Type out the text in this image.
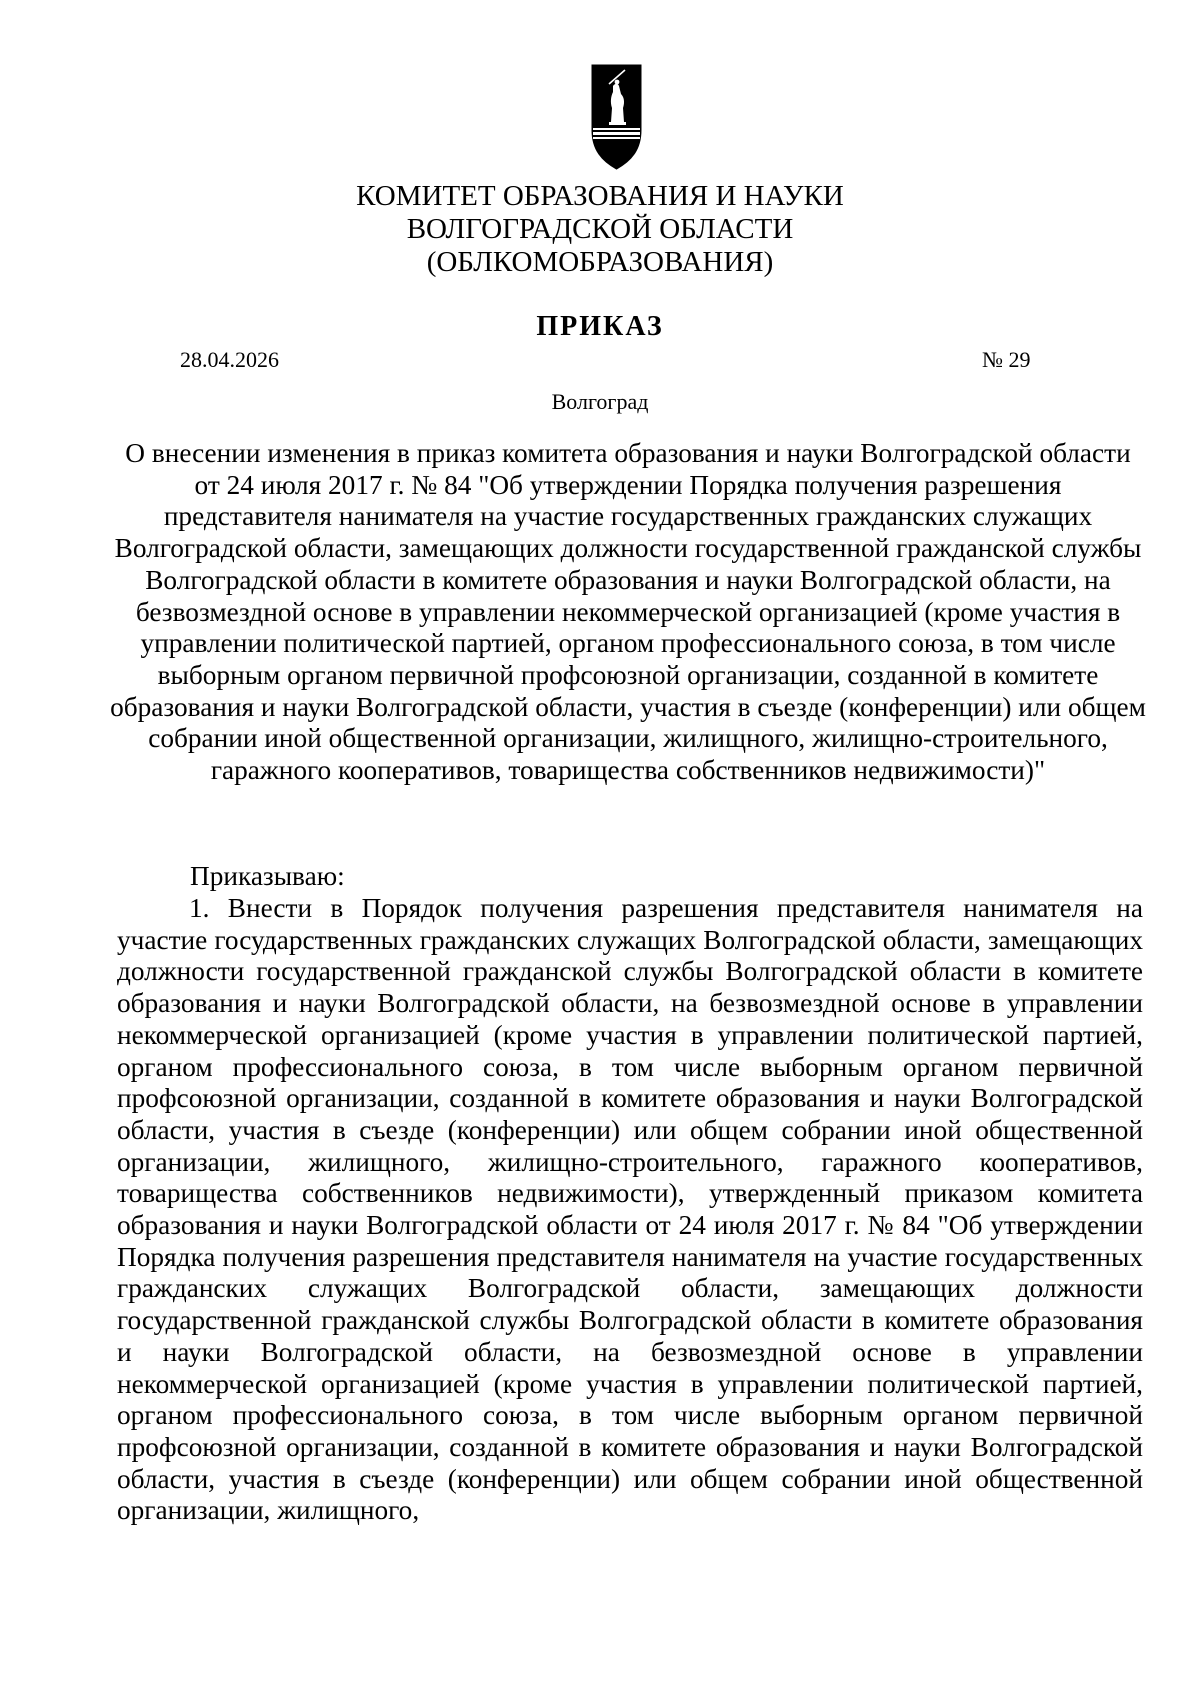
КОМИТЕТ ОБРАЗОВАНИЯ И НАУКИ
ВОЛГОГРАДСКОЙ ОБЛАСТИ
(ОБЛКОМОБРАЗОВАНИЯ)
ПРИКАЗ
28.04.2026	№ 29
Волгоград
О внесении изменения в приказ комитета образования и науки Волгоградской области от 24 июля 2017 г. № 84 "Об утверждении Порядка получения разрешения представителя нанимателя на участие государственных гражданских служащих Волгоградской области, замещающих должности государственной гражданской службы Волгоградской области в комитете образования и науки Волгоградской области, на безвозмездной основе в управлении некоммерческой организацией (кроме участия в управлении политической партией, органом профессионального союза, в том числе выборным органом первичной профсоюзной организации, созданной в комитете образования и науки Волгоградской области, участия в съезде (конференции) или общем собрании иной общественной организации, жилищного, жилищно-строительного, гаражного кооперативов, товарищества собственников недвижимости)"
Приказываю:
1. Внести в Порядок получения разрешения представителя нанимателя на участие государственных гражданских служащих Волгоградской области, замещающих должности государственной гражданской службы Волгоградской области в комитете образования и науки Волгоградской области, на безвозмездной основе в управлении некоммерческой организацией (кроме участия в управлении политической партией, органом профессионального союза, в том числе выборным органом первичной профсоюзной организации, созданной в комитете образования и науки Волгоградской области, участия в съезде (конференции) или общем собрании иной общественной организации, жилищного, жилищно-строительного, гаражного кооперативов, товарищества собственников недвижимости), утвержденный приказом комитета образования и науки Волгоградской области от 24 июля 2017 г. № 84 "Об утверждении Порядка получения разрешения представителя нанимателя на участие государственных гражданских служащих Волгоградской области, замещающих должности государственной гражданской службы Волгоградской области в комитете образования и науки Волгоградской области, на безвозмездной основе в управлении некоммерческой организацией (кроме участия в управлении политической партией, органом профессионального союза, в том числе выборным органом первичной профсоюзной организации, созданной в комитете образования и науки Волгоградской области, участия в съезде (конференции) или общем собрании иной общественной организации, жилищного,
